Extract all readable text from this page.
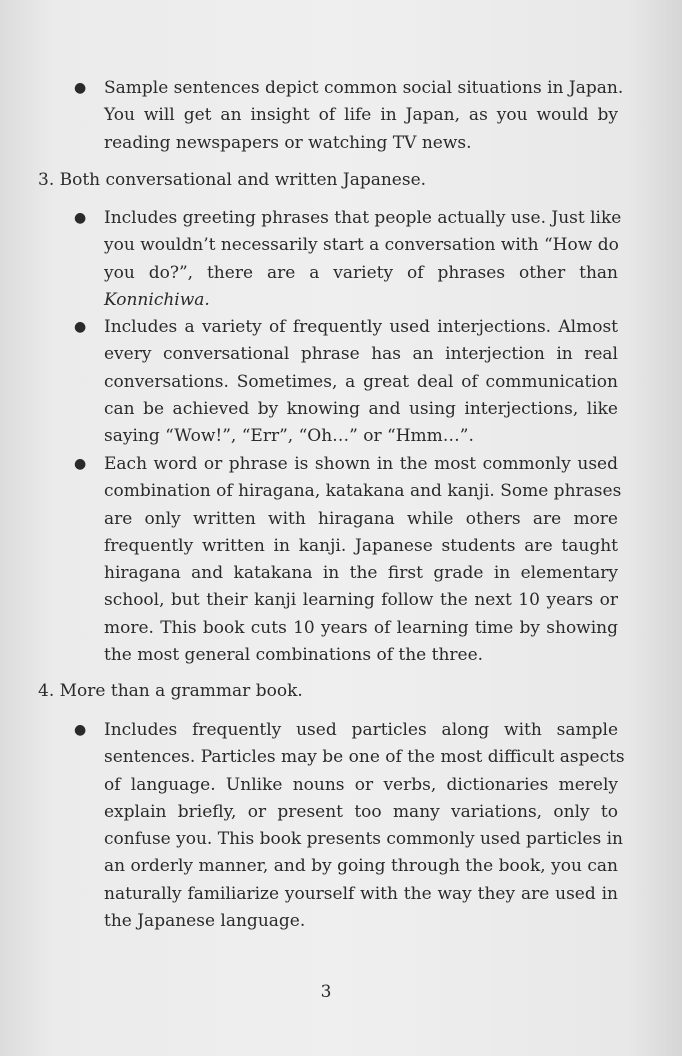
3
● Sample sentences depict common social situations in Japan.
You will get an insight of life in Japan, as you would by
reading newspapers or watching TV news.
3. Both conversational and written Japanese.
● Includes greeting phrases that people actually use. Just like
you wouldn’t necessarily start a conversation with “How do
you do?”, there are a variety of phrases other than
Konnichiwa.
● Includes a variety of frequently used interjections. Almost
every conversational phrase has an interjection in real
conversations. Sometimes, a great deal of communication
can be achieved by knowing and using interjections, like
saying “Wow!”, “Err”, “Oh…” or “Hmm…”.
● Each word or phrase is shown in the most commonly used
combination of hiragana, katakana and kanji. Some phrases
are only written with hiragana while others are more
frequently written in kanji. Japanese students are taught
hiragana and katakana in the first grade in elementary
school, but their kanji learning follow the next 10 years or
more. This book cuts 10 years of learning time by showing
the most general combinations of the three.
4. More than a grammar book.
● Includes frequently used particles along with sample
sentences. Particles may be one of the most difficult aspects
of language. Unlike nouns or verbs, dictionaries merely
explain briefly, or present too many variations, only to
confuse you. This book presents commonly used particles in
an orderly manner, and by going through the book, you can
naturally familiarize yourself with the way they are used in
the Japanese language.
